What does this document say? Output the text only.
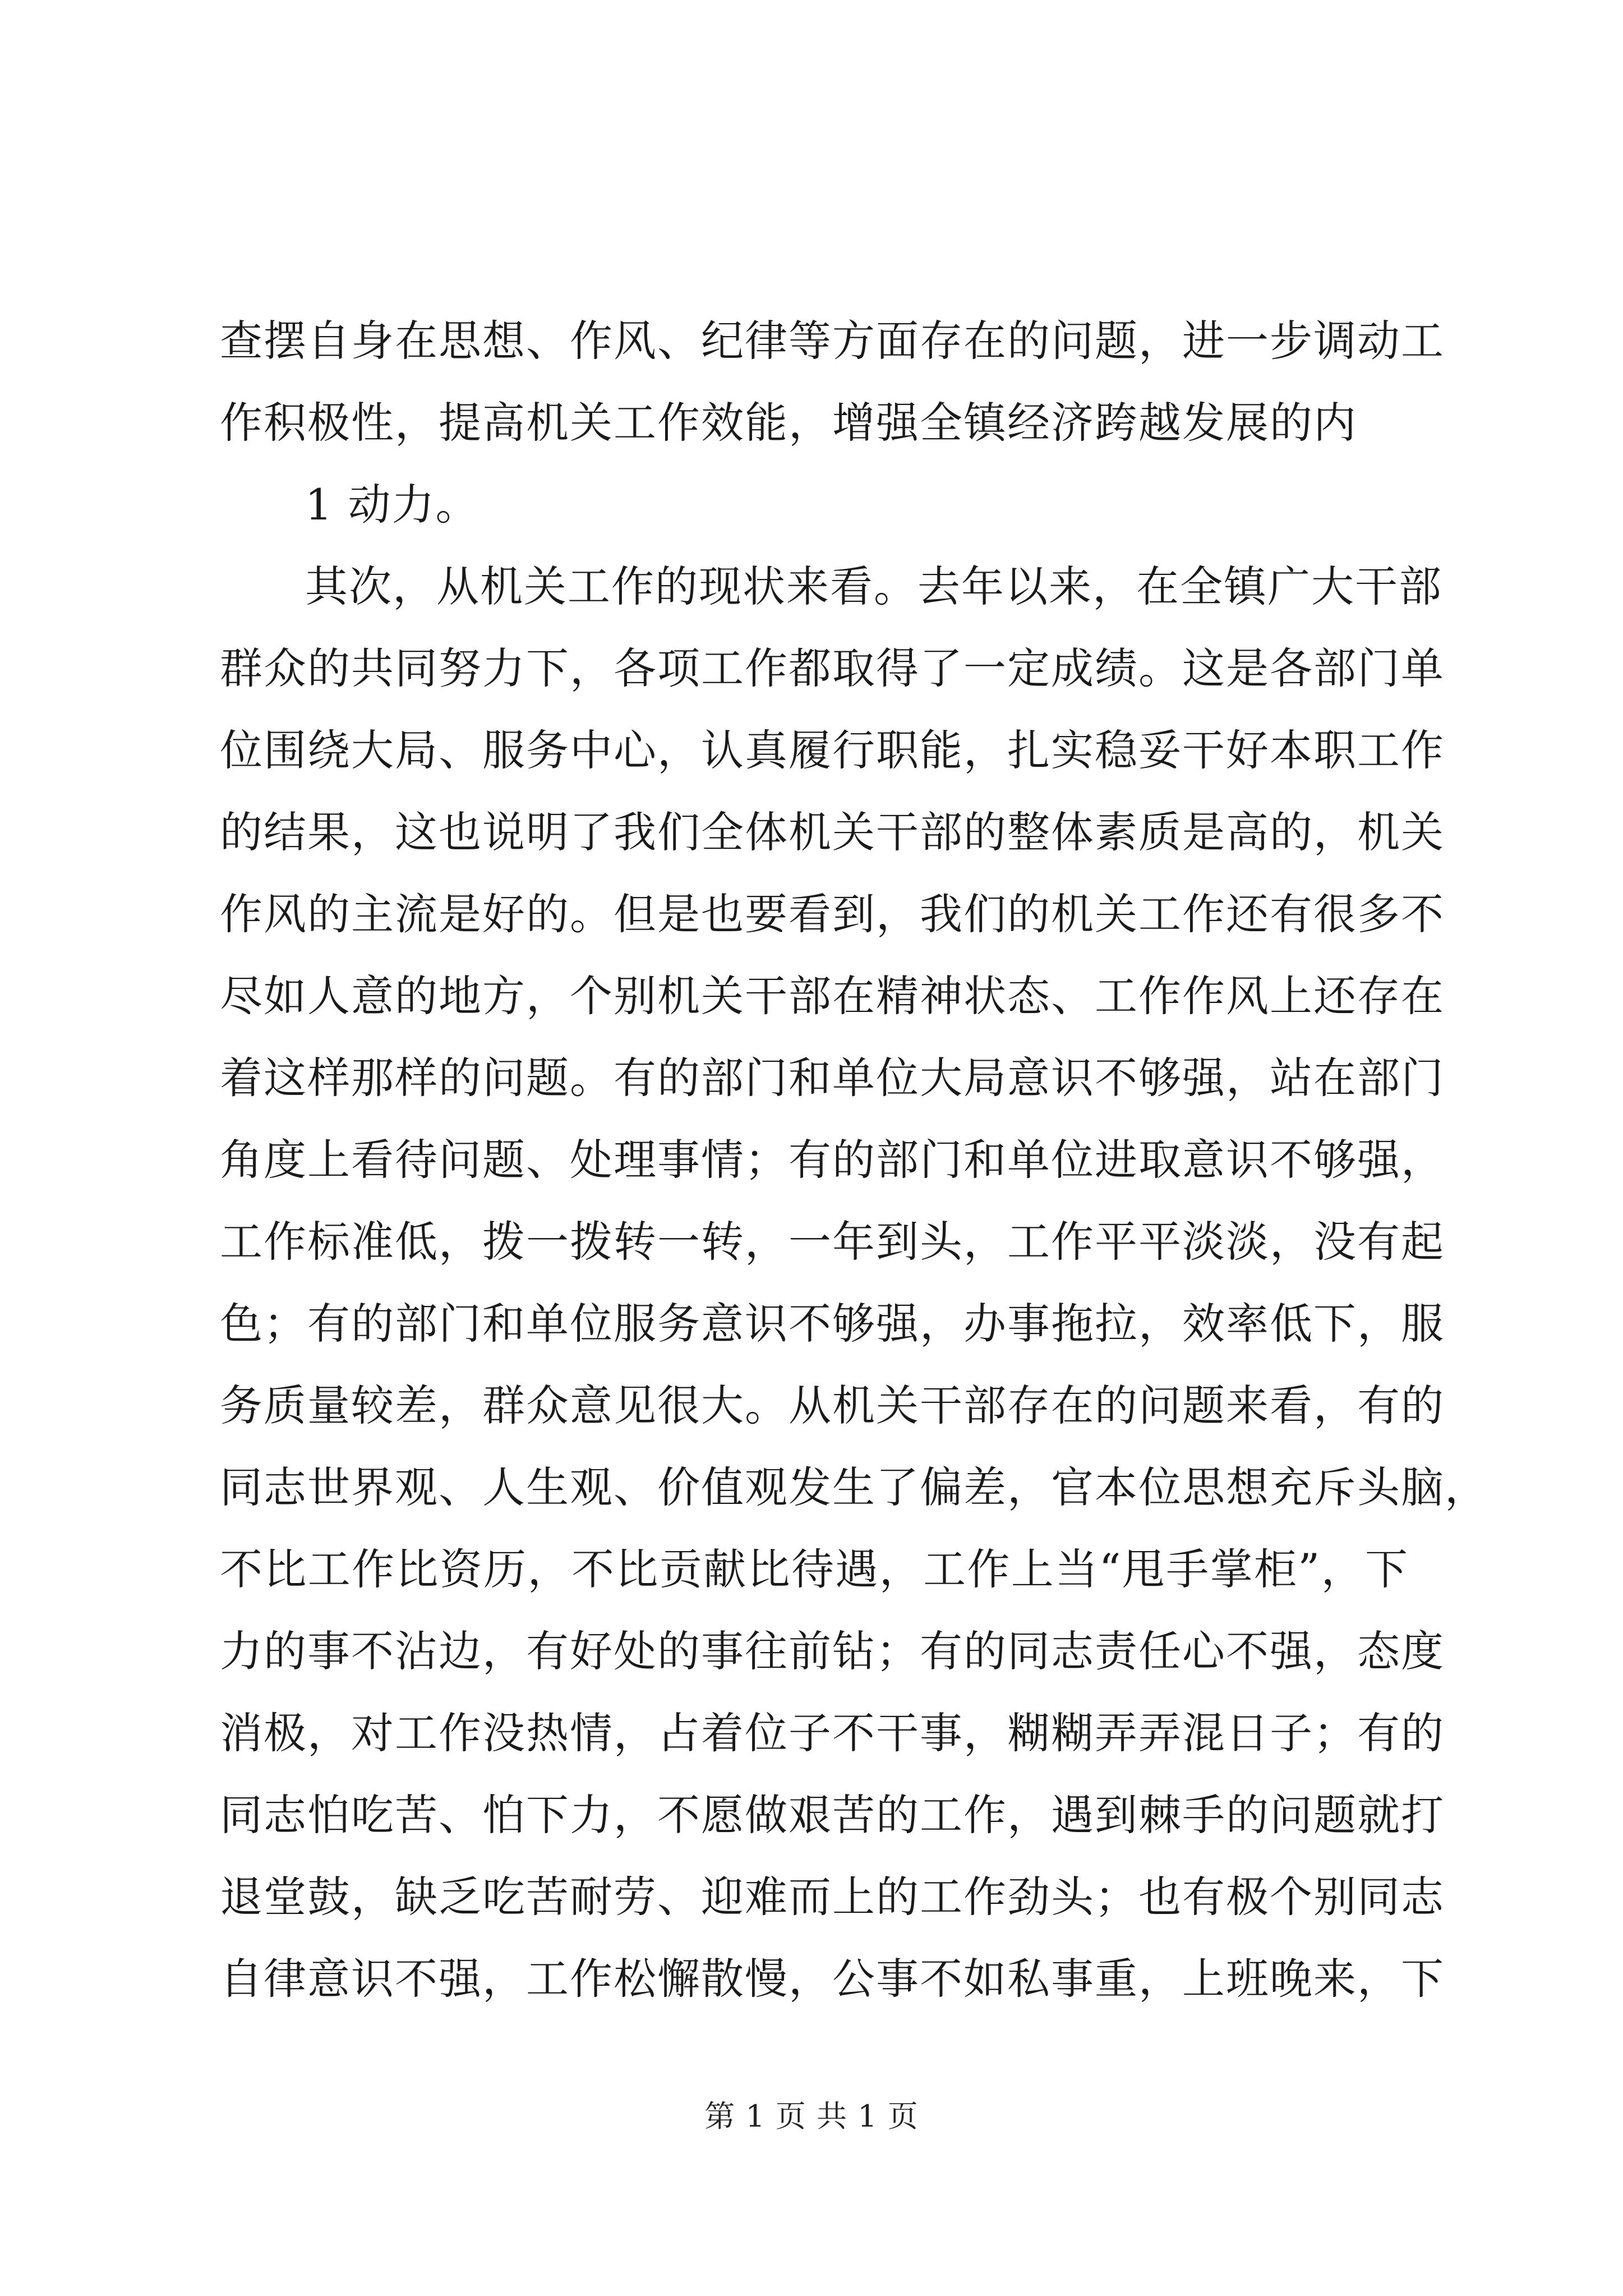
查摆自身在思想、作风、纪律等方面存在的问题，进一步调动工
作积极性，提高机关工作效能，增强全镇经济跨越发展的内
1 动力。
其次，从机关工作的现状来看。去年以来，在全镇广大干部
群众的共同努力下，各项工作都取得了一定成绩。这是各部门单
位围绕大局、服务中心，认真履行职能，扎实稳妥干好本职工作
的结果，这也说明了我们全体机关干部的整体素质是高的，机关
作风的主流是好的。但是也要看到，我们的机关工作还有很多不
尽如人意的地方，个别机关干部在精神状态、工作作风上还存在
着这样那样的问题。有的部门和单位大局意识不够强，站在部门
角度上看待问题、处理事情；有的部门和单位进取意识不够强，
工作标准低，拨一拨转一转，一年到头，工作平平淡淡，没有起
色；有的部门和单位服务意识不够强，办事拖拉，效率低下，服
务质量较差，群众意见很大。从机关干部存在的问题来看，有的
同志世界观、人生观、价值观发生了偏差，官本位思想充斥头脑，
不比工作比资历，不比贡献比待遇，工作上当“甩手掌柜”，下
力的事不沾边，有好处的事往前钻；有的同志责任心不强，态度
消极，对工作没热情，占着位子不干事，糊糊弄弄混日子；有的
同志怕吃苦、怕下力，不愿做艰苦的工作，遇到棘手的问题就打
退堂鼓，缺乏吃苦耐劳、迎难而上的工作劲头；也有极个别同志
自律意识不强，工作松懈散慢，公事不如私事重，上班晚来，下
第 1 页 共 1 页
